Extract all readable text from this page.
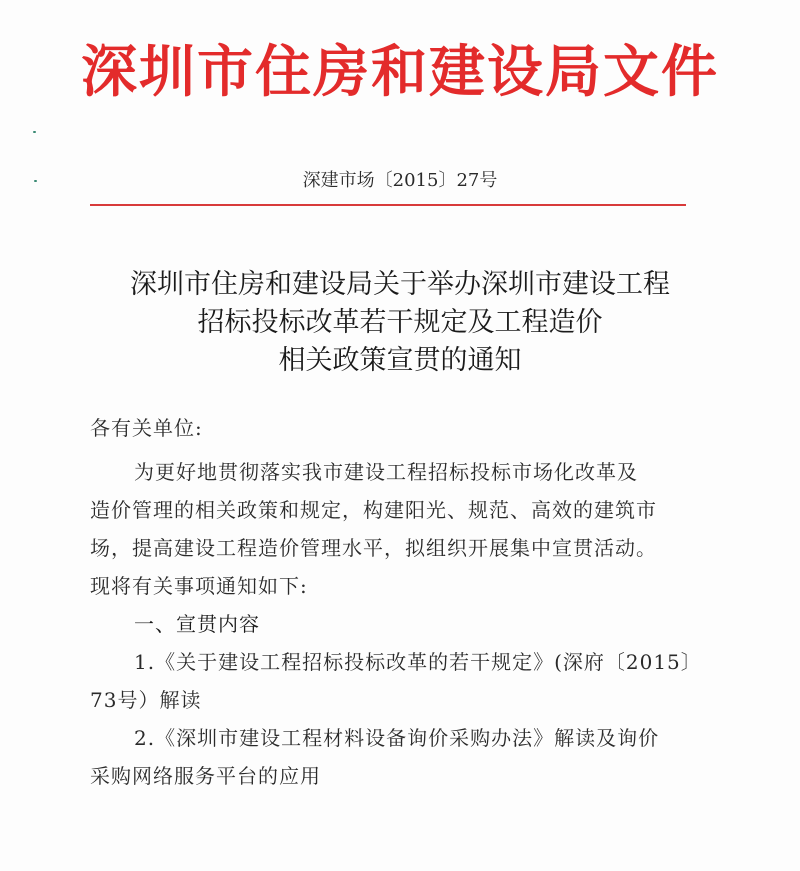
深圳市住房和建设局文件
深建市场〔2015〕27号
深圳市住房和建设局关于举办深圳市建设工程
招标投标改革若干规定及工程造价
相关政策宣贯的通知
各有关单位:
为更好地贯彻落实我市建设工程招标投标市场化改革及
造价管理的相关政策和规定，构建阳光、规范、高效的建筑市
场，提高建设工程造价管理水平，拟组织开展集中宣贯活动。
现将有关事项通知如下:
一、宣贯内容
1.《关于建设工程招标投标改革的若干规定》(深府〔2015〕
73号）解读
2.《深圳市建设工程材料设备询价采购办法》解读及询价
采购网络服务平台的应用
